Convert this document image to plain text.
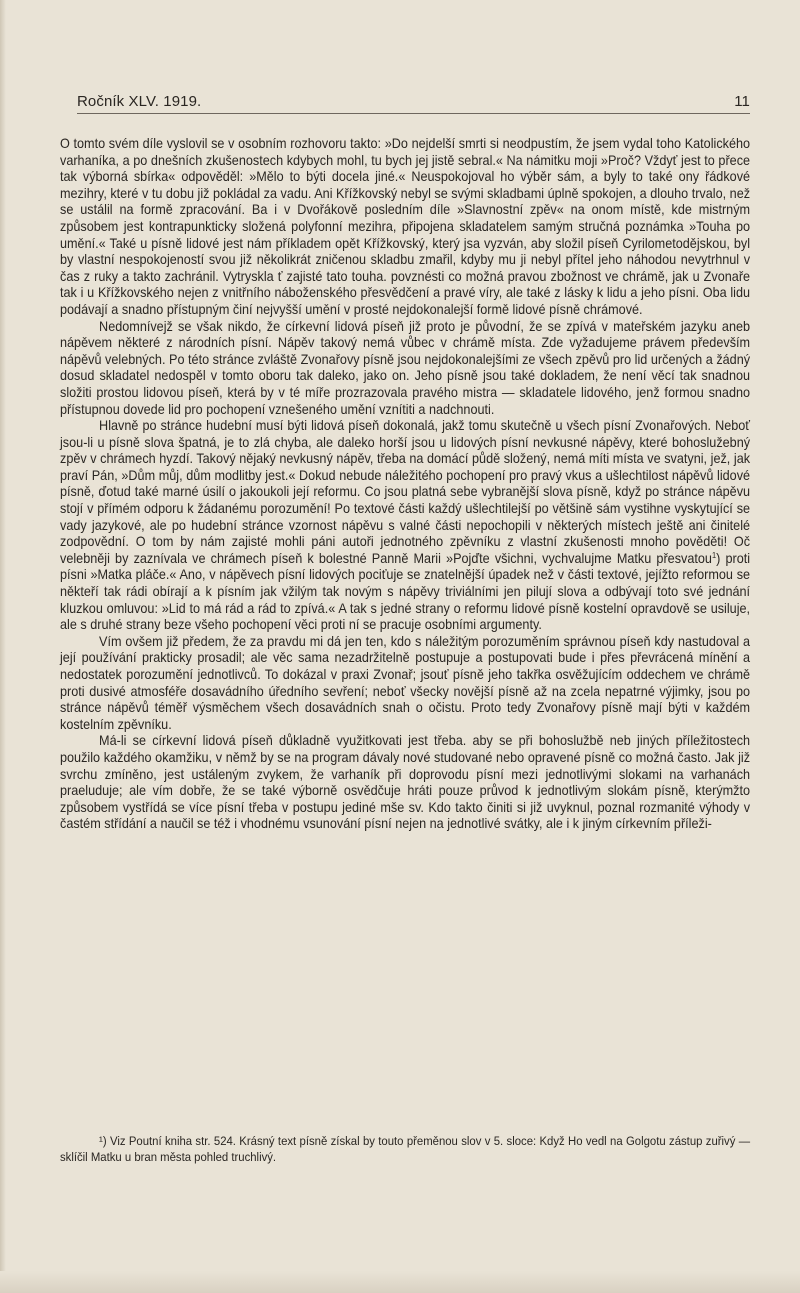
Ročník XLV. 1919.	11

O tomto svém díle vyslovil se v osobním rozhovoru takto: »Do nejdelší smrti si neodpustím, že jsem vydal toho Katolického varhaníka, a po dnešních zkušenostech kdybych mohl, tu bych jej jistě sebral.« Na námitku moji »Proč? Vždyť jest to přece tak výborná sbírka« odpověděl: »Mělo to býti docela jiné.« Neuspokojoval ho výběr sám, a byly to také ony řádkové mezihry, které v tu dobu již pokládal za vadu. Ani Křížkovský nebyl se svými skladbami úplně spokojen, a dlouho trvalo, než se ustálil na formě zpracování. Ba i v Dvořákově posledním díle »Slavnostní zpěv« na onom místě, kde mistrným způsobem jest kontrapunkticky složená polyfonní mezihra, připojena skladatelem samým stručná poznámka »Touha po umění.« Také u písně lidové jest nám příkladem opět Křížkovský, který jsa vyzván, aby složil píseň Cyrilometodějskou, byl by vlastní nespokojeností svou již několikrát zničenou skladbu zmařil, kdyby mu ji nebyl přítel jeho náhodou nevytrhnul v čas z ruky a takto zachránil. Vytryskla ť zajisté tato touha. povznésti co možná pravou zbožnost ve chrámě, jak u Zvonaře tak i u Křížkovského nejen z vnitřního náboženského přesvědčení a pravé víry, ale také z lásky k lidu a jeho písni. Oba lidu podávají a snadno přístupným činí nejvyšší umění v prosté nejdokonalejší formě lidové písně chrámové.

Nedomnívejž se však nikdo, že církevní lidová píseň již proto je původní, že se zpívá v mateřském jazyku aneb nápěvem některé z národních písní. Nápěv takový nemá vůbec v chrámě místa. Zde vyžadujeme právem především nápěvů velebných. Po této stránce zvláště Zvonařovy písně jsou nejdokonalejšími ze všech zpěvů pro lid určených a žádný dosud skladatel nedospěl v tomto oboru tak daleko, jako on. Jeho písně jsou také dokladem, že není věcí tak snadnou složiti prostou lidovou píseň, která by v té míře prozrazovala pravého mistra — skladatele lidového, jenž formou snadno přístupnou dovede lid pro pochopení vznešeného umění vznítiti a nadchnouti.

Hlavně po stránce hudební musí býti lidová píseň dokonalá, jakž tomu skutečně u všech písní Zvonařových. Neboť jsou-li u písně slova špatná, je to zlá chyba, ale daleko horší jsou u lidových písní nevkusné nápěvy, které bohoslužebný zpěv v chrámech hyzdí. Takový nějaký nevkusný nápěv, třeba na domácí půdě složený, nemá míti místa ve svatyni, jež, jak praví Pán, »Dům můj, dům modlitby jest.« Dokud nebude náležitého pochopení pro pravý vkus a ušlechtilost nápěvů lidové písně, ďotud také marné úsilí o jakoukoli její reformu. Co jsou platná sebe vybranější slova písně, když po stránce nápěvu stojí v přímém odporu k žádanému porozumění! Po textové části každý ušlechtilejší po většině sám vystihne vyskytující se vady jazykové, ale po hudební stránce vzornost nápěvu s valné části nepochopili v některých místech ještě ani činitelé zodpovědní. O tom by nám zajisté mohli páni autoři jednotného zpěvníku z vlastní zkušenosti mnoho pověděti! Oč velebněji by zaznívala ve chrámech píseň k bolestné Panně Marii »Pojďte všichni, vychvalujme Matku přesvatou$^1$) proti písni »Matka pláče.« Ano, v nápěvech písní lidových pociťuje se znatelnější úpadek než v části textové, jejížto reformou se někteří tak rádi obírají a k písním jak vžilým tak novým s nápěvy triviálními jen pilují slova a odbývají toto své jednání kluzkou omluvou: »Lid to má rád a rád to zpívá.« A tak s jedné strany o reformu lidové písně kostelní opravdově se usiluje, ale s druhé strany beze všeho pochopení věci proti ní se pracuje osobními argumenty.

Vím ovšem již předem, že za pravdu mi dá jen ten, kdo s náležitým porozuměním správnou píseň kdy nastudoval a její používání prakticky prosadil; ale věc sama nezadržitelně postupuje a postupovati bude i přes převrácená mínění a nedostatek porozumění jednotlivců. To dokázal v praxi Zvonař; jsouť písně jeho takřka osvěžujícím oddechem ve chrámě proti dusivé atmosféře dosavádního úředního sevření; neboť všecky novější písně až na zcela nepatrné výjimky, jsou po stránce nápěvů téměř výsměchem všech dosavádních snah o očistu. Proto tedy Zvonařovy písně mají býti v každém kostelním zpěvníku.

Má-li se církevní lidová píseň důkladně využitkovati jest třeba. aby se při bohoslužbě neb jiných příležitostech použilo každého okamžiku, v němž by se na program dávaly nové studované nebo opravené písně co možná často. Jak již svrchu zmíněno, jest ustáleným zvykem, že varhaník při doprovodu písní mezi jednotlivými slokami na varhanách praeluduje; ale vím dobře, že se také výborně osvědčuje hráti pouze průvod k jednotlivým slokám písně, kterýmžto způsobem vystřídá se více písní třeba v postupu jediné mše sv. Kdo takto činiti si již uvyknul, poznal rozmanité výhody v častém střídání a naučil se též i vhodnému vsunování písní nejen na jednotlivé svátky, ale i k jiným církevním příleži-

¹) Viz Poutní kniha str. 524. Krásný text písně získal by touto přeměnou slov v 5. sloce: Když Ho vedl na Golgotu zástup zuřivý — sklíčil Matku u bran města pohled truchlivý.
